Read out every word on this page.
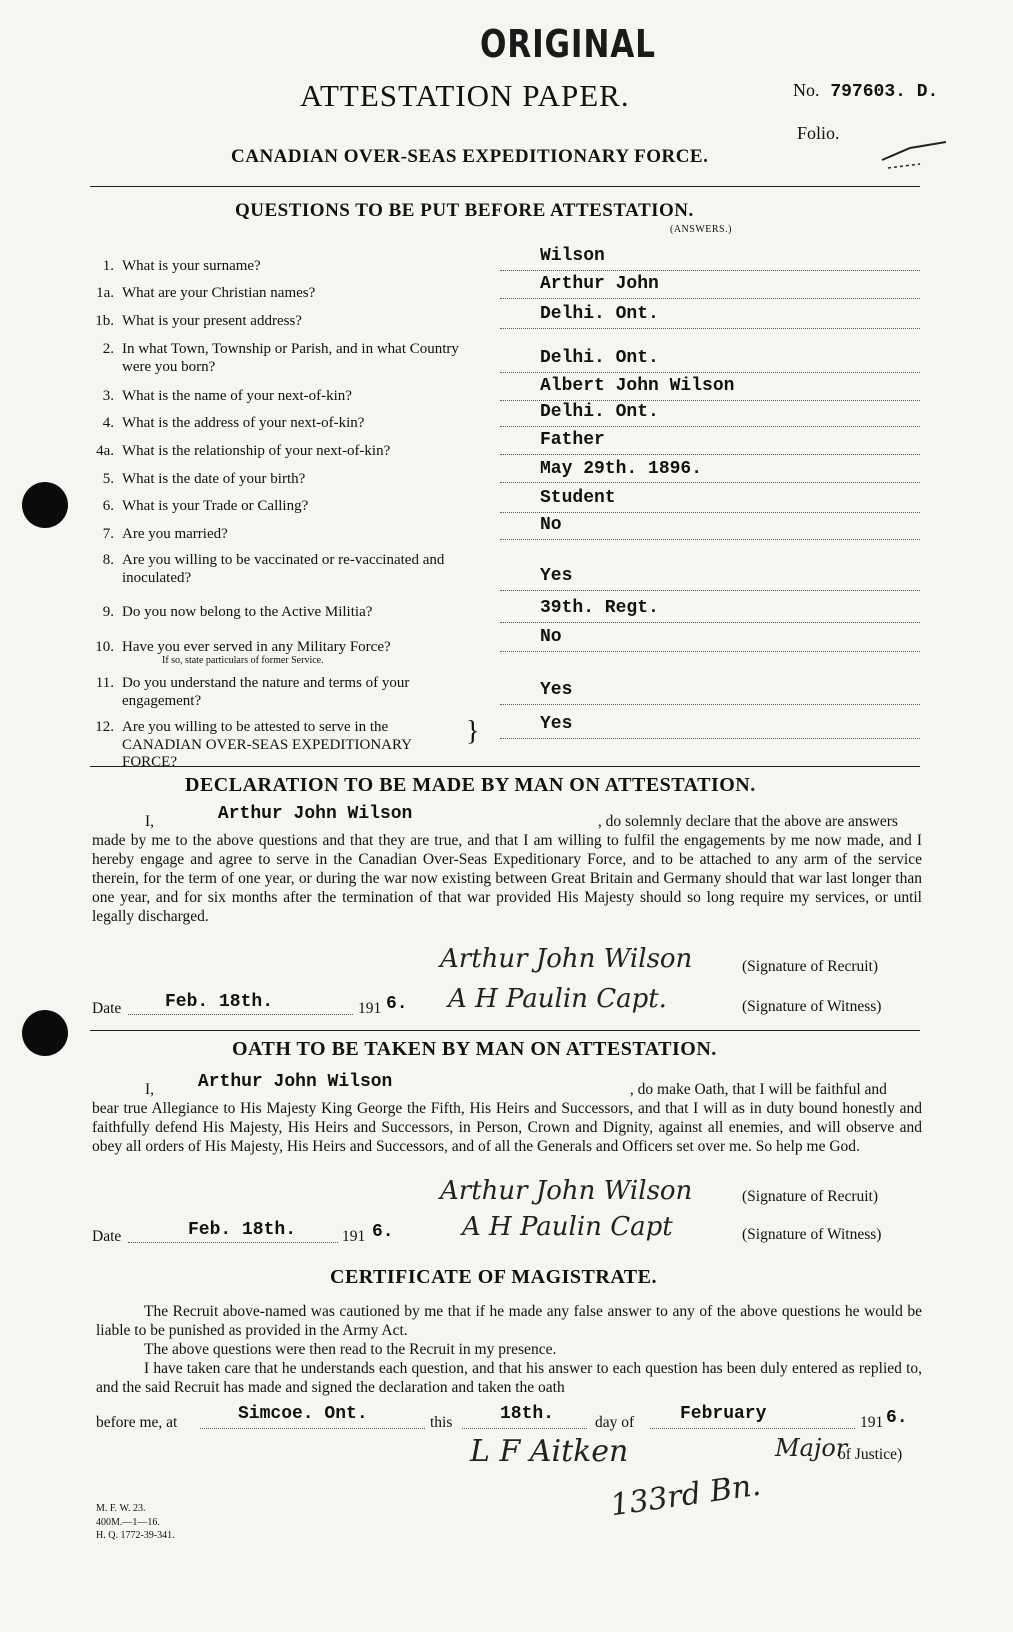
ORIGINAL
ATTESTATION PAPER.	No. 797603. D.
Folio.
CANADIAN OVER-SEAS EXPEDITIONARY FORCE.
QUESTIONS TO BE PUT BEFORE ATTESTATION.
(ANSWERS.)
1. What is your surname?	Wilson
1a. What are your Christian names?	Arthur John
1b. What is your present address?	Delhi. Ont.
2. In what Town, Township or Parish, and in what Country were you born?	Delhi. Ont.
3. What is the name of your next-of-kin?	Albert John Wilson
4. What is the address of your next-of-kin?
Delhi. Ont.
4a. What is the relationship of your next-of-kin?
Father
5. What is the date of your birth?	May 29th. 1896.
6. What is your Trade or Calling?	Student
7. Are you married?	No
8. Are you willing to be vaccinated or re-vaccinated and inoculated?	Yes
9. Do you now belong to the Active Militia?	39th. Regt.
10. Have you ever served in any Military Force?
If so, state particulars of former Service.
No
11. Do you understand the nature and terms of your engagement?
Yes
12. Are you willing to be attested to serve in the CANADIAN OVER-SEAS EXPEDITIONARY FORCE?
}	Yes
DECLARATION TO BE MADE BY MAN ON ATTESTATION.
I,	Arthur John Wilson	, do solemnly declare that the above are answers
made by me to the above questions and that they are true, and that I am willing to fulfil the engagements by me now made, and I hereby engage and agree to serve in the Canadian Over-Seas Expeditionary Force, and to be attached to any arm of the service therein, for the term of one year, or during the war now existing between Great Britain and Germany should that war last longer than one year, and for six months after the termination of that war provided His Majesty should so long require my services, or until legally discharged.
Arthur John Wilson	(Signature of Recruit)
Date Feb. 18th.	191 6. A H Paulin Capt.	(Signature of Witness)
OATH TO BE TAKEN BY MAN ON ATTESTATION.
I, Arthur John Wilson	, do make Oath, that I will be faithful and
bear true Allegiance to His Majesty King George the Fifth, His Heirs and Successors, and that I will as in duty bound honestly and faithfully defend His Majesty, His Heirs and Successors, in Person, Crown and Dignity, against all enemies, and will observe and obey all orders of His Majesty, His Heirs and Successors, and of all the Generals and Officers set over me. So help me God.
Arthur John Wilson	(Signature of Recruit)
Date	Feb. 18th.	191 6.	A H Paulin Capt	(Signature of Witness)
CERTIFICATE OF MAGISTRATE.
The Recruit above-named was cautioned by me that if he made any false answer to any of the above questions he would be liable to be punished as provided in the Army Act.
The above questions were then read to the Recruit in my presence.
I have taken care that he understands each question, and that his answer to each question has been duly entered as replied to, and the said Recruit has made and signed the declaration and taken the oath
before me, at	Simcoe. Ont.	this	18th.	day of	February	191 6.
L F Aitken	Major
of Justice)
133rd Bn.
M. F. W. 23.
400M.—1—16.
H. Q. 1772-39-341.
